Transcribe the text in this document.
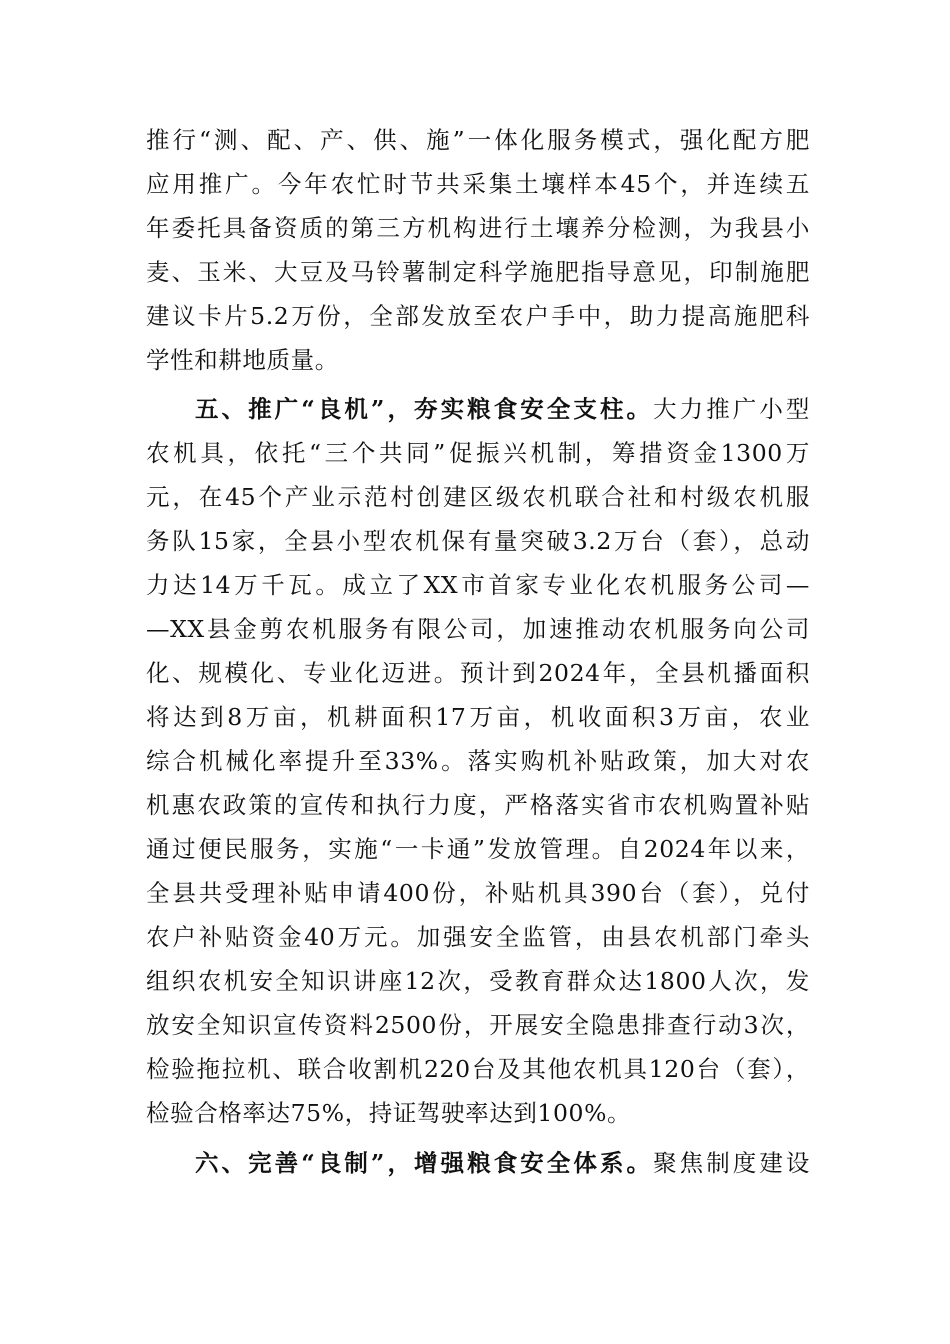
推行“测、配、产、供、施”一体化服务模式，强化配方肥
应用推广。今年农忙时节共采集土壤样本45个，并连续五
年委托具备资质的第三方机构进行土壤养分检测，为我县小
麦、玉米、大豆及马铃薯制定科学施肥指导意见，印制施肥
建议卡片5.2万份，全部发放至农户手中，助力提高施肥科
学性和耕地质量。
五、推广“良机”，夯实粮食安全支柱。大力推广小型
农机具，依托“三个共同”促振兴机制，筹措资金1300万
元，在45个产业示范村创建区级农机联合社和村级农机服
务队15家，全县小型农机保有量突破3.2万台（套），总动
力达14万千瓦。成立了XX市首家专业化农机服务公司—
—XX县金剪农机服务有限公司，加速推动农机服务向公司
化、规模化、专业化迈进。预计到2024年，全县机播面积
将达到8万亩，机耕面积17万亩，机收面积3万亩，农业
综合机械化率提升至33%。落实购机补贴政策，加大对农
机惠农政策的宣传和执行力度，严格落实省市农机购置补贴
通过便民服务，实施“一卡通”发放管理。自2024年以来，
全县共受理补贴申请400份，补贴机具390台（套），兑付
农户补贴资金40万元。加强安全监管，由县农机部门牵头
组织农机安全知识讲座12次，受教育群众达1800人次，发
放安全知识宣传资料2500份，开展安全隐患排查行动3次，
检验拖拉机、联合收割机220台及其他农机具120台（套），
检验合格率达75%，持证驾驶率达到100%。
六、完善“良制”，增强粮食安全体系。聚焦制度建设
